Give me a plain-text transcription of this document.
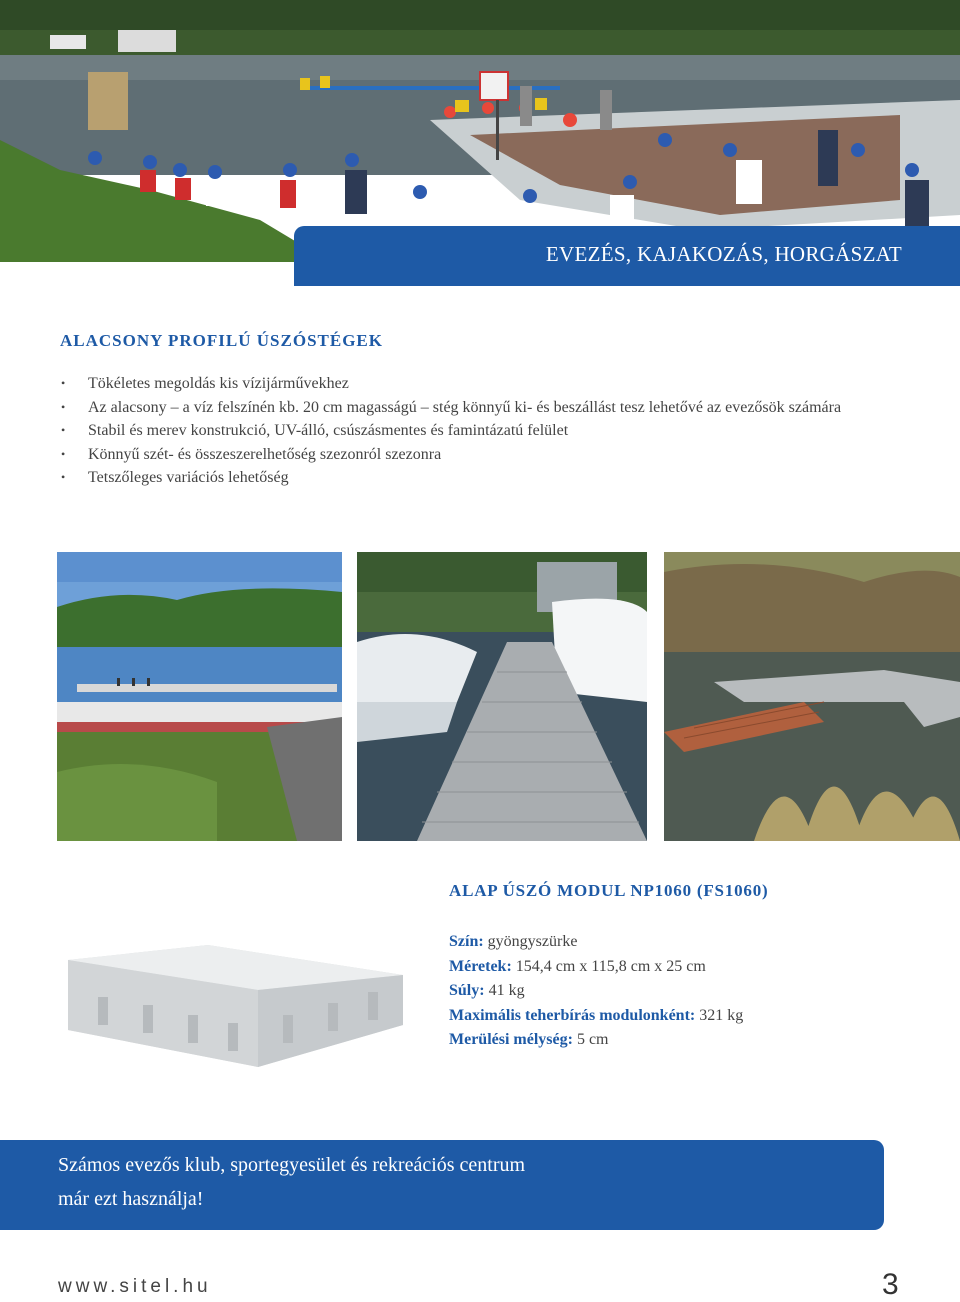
EVEZÉS, KAJAKOZÁS, HORGÁSZAT
ALACSONY PROFILÚ ÚSZÓSTÉGEK
• Tökéletes megoldás kis vízijárművekhez
• Az alacsony – a víz felszínén kb. 20 cm magasságú – stég könnyű ki- és beszállást tesz lehetővé az evezősök számára
• Stabil és merev konstrukció, UV-álló, csúszásmentes és famintázatú felület
• Könnyű szét- és összeszerelhetőség szezonról szezonra
• Tetszőleges variációs lehetőség
ALAP ÚSZÓ MODUL NP1060 (FS1060)
Szín: gyöngyszürke
Méretek: 154,4 cm x 115,8 cm x 25 cm
Súly: 41 kg
Maximális teherbírás modulonként: 321 kg
Merülési mélység: 5 cm
Számos evezős klub, sportegyesület és rekreációs centrum
már ezt használja!
www.sitel.hu	3
